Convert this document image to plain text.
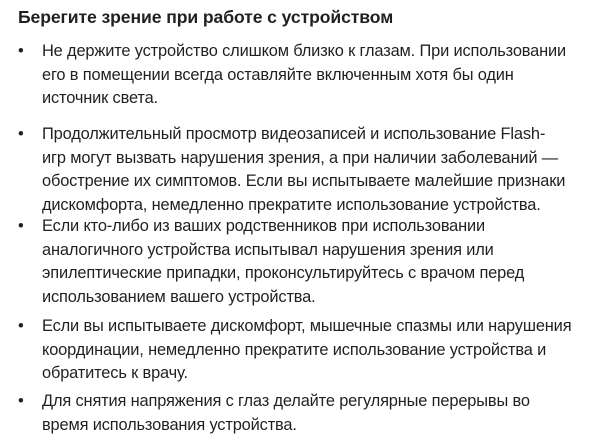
Берегите зрение при работе с устройством
•	Не держите устройство слишком близко к глазам. При использовании
его в помещении всегда оставляйте включенным хотя бы один
источник света.
•	Продолжительный просмотр видеозаписей и использование Flash-
игр могут вызвать нарушения зрения, а при наличии заболеваний —
обострение их симптомов. Если вы испытываете малейшие признаки
дискомфорта, немедленно прекратите использование устройства.
•	Если кто-либо из ваших родственников при использовании
аналогичного устройства испытывал нарушения зрения или
эпилептические припадки, проконсультируйтесь с врачом перед
использованием вашего устройства.
•	Если вы испытываете дискомфорт, мышечные спазмы или нарушения
координации, немедленно прекратите использование устройства и
обратитесь к врачу.
•	Для снятия напряжения с глаз делайте регулярные перерывы во
время использования устройства.
